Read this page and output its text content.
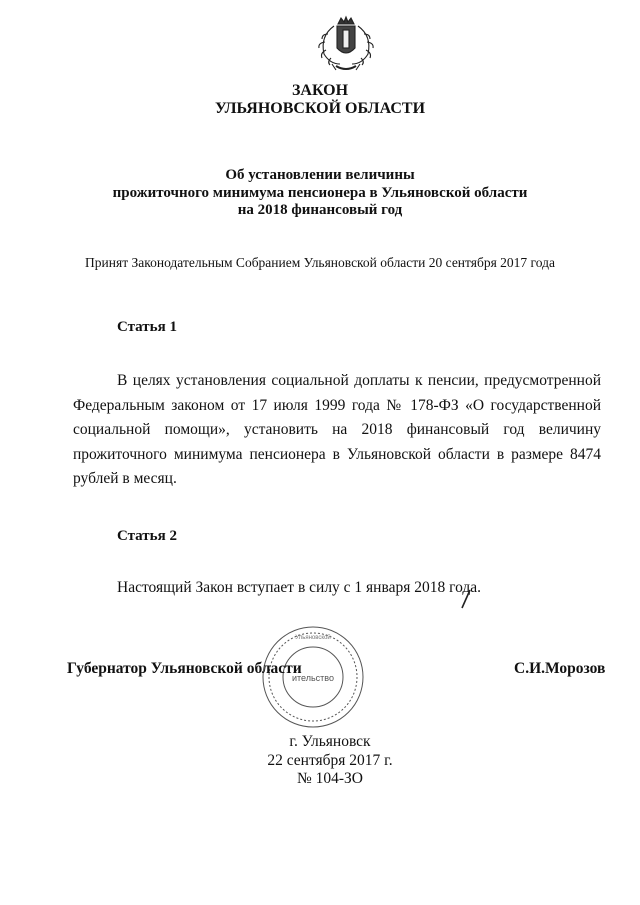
ЗАКОН
УЛЬЯНОВСКОЙ ОБЛАСТИ
Об установлении величины
прожиточного минимума пенсионера в Ульяновской области
на 2018 финансовый год
Принят Законодательным Собранием Ульяновской области 20 сентября 2017 года
Статья 1

В целях установления социальной доплаты к пенсии, предусмотренной Федеральным законом от 17 июля 1999 года № 178-ФЗ «О государственной социальной помощи», установить на 2018 финансовый год величину прожиточного минимума пенсионера в Ульяновской области в размере 8474 рублей в месяц.

Статья 2
Настоящий Закон вступает в силу с 1 января 2018 года.
ительство
Ульяновской
Губернатор Ульяновской области	С.И.Морозов
г. Ульяновск
22 сентября 2017 г.
№ 104-ЗО
